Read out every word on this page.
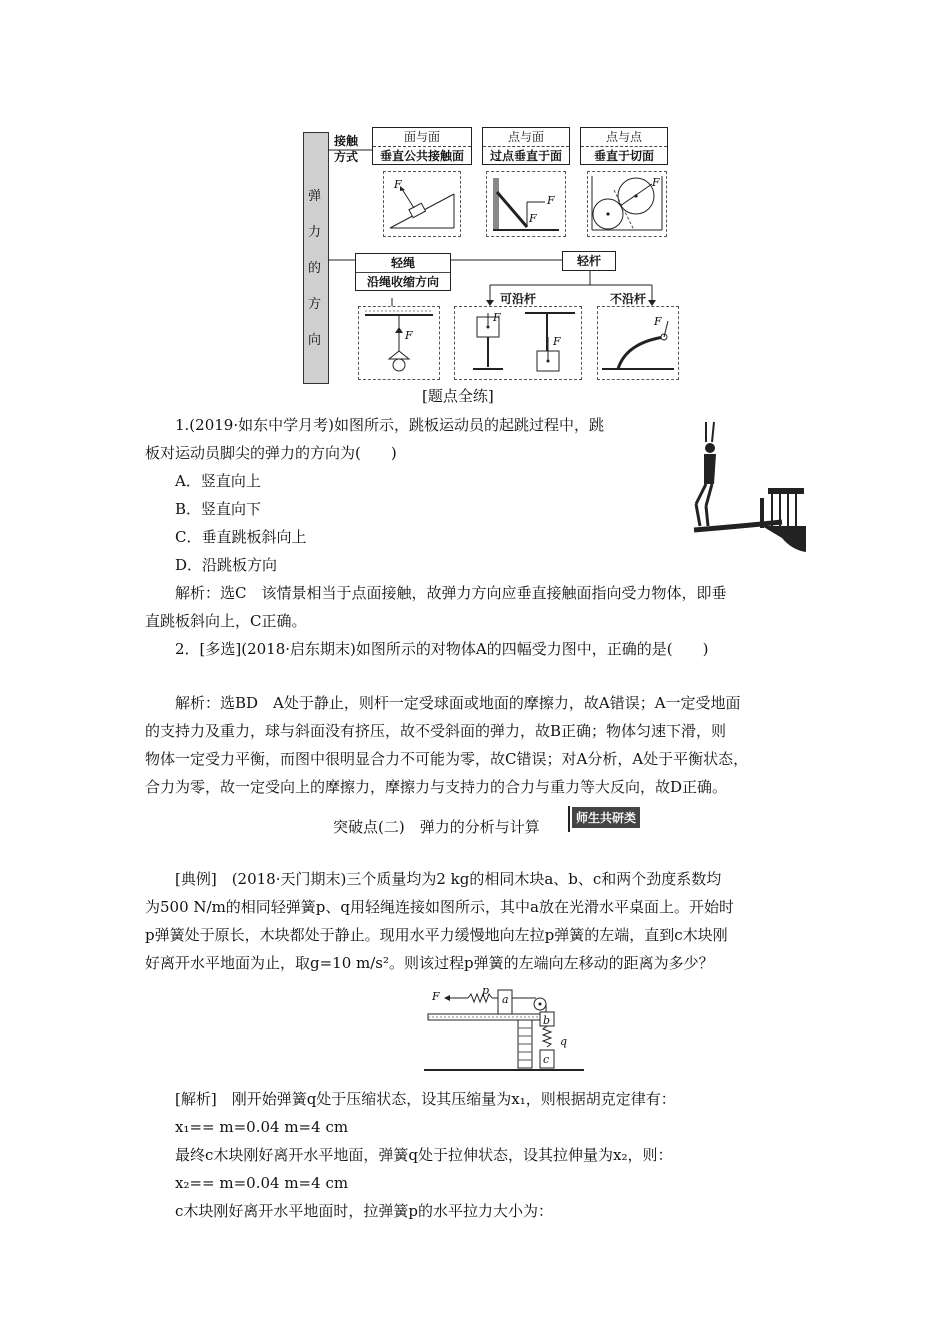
弹
力
的
方
向
接触
方式
面与面
垂直公共接触面
点与面
过点垂直于面
点与点
垂直于切面
F
F
F
F
轻绳
沿绳收缩方向
轻杆
可沿杆	不沿杆
F
F
F
F
[题点全练]
1.(2019·如东中学月考)如图所示，跳板运动员的起跳过程中，跳
板对运动员脚尖的弹力的方向为(　　)
A．竖直向上
B．竖直向下
C．垂直跳板斜向上
D．沿跳板方向
解析：选C　该情景相当于点面接触，故弹力方向应垂直接触面指向受力物体，即垂
直跳板斜向上，C正确。
2．[多选](2018·启东期末)如图所示的对物体A的四幅受力图中，正确的是(　　)
解析：选BD　A处于静止，则杆一定受球面或地面的摩擦力，故A错误；A一定受地面
的支持力及重力，球与斜面没有挤压，故不受斜面的弹力，故B正确；物体匀速下滑，则
物体一定受力平衡，而图中很明显合力不可能为零，故C错误；对A分析，A处于平衡状态，
合力为零，故一定受向上的摩擦力，摩擦力与支持力的合力与重力等大反向，故D正确。
突破点(二)　弹力的分析与计算	师生共研类
[典例]　(2018·天门期末)三个质量均为2 kg的相同木块a、b、c和两个劲度系数均
为500 N/m的相同轻弹簧p、q用轻绳连接如图所示，其中a放在光滑水平桌面上。开始时
p弹簧处于原长，木块都处于静止。现用水平力缓慢地向左拉p弹簧的左端，直到c木块刚
好离开水平地面为止，取g=10 m/s²。则该过程p弹簧的左端向左移动的距离为多少？
F	p
a
b
q
c
[解析]　刚开始弹簧q处于压缩状态，设其压缩量为x₁，则根据胡克定律有：
x₁== m=0.04 m=4 cm
最终c木块刚好离开水平地面，弹簧q处于拉伸状态，设其拉伸量为x₂，则：
x₂== m=0.04 m=4 cm
c木块刚好离开水平地面时，拉弹簧p的水平拉力大小为：
